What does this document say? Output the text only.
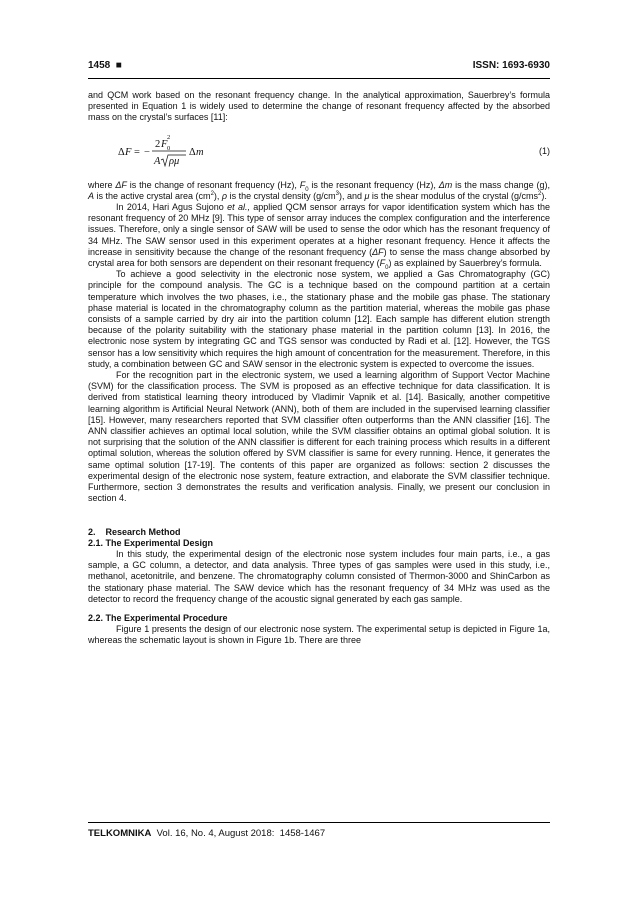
1458  ■	ISSN: 1693-6930

and QCM work based on the resonant frequency change. In the analytical approximation, Sauerbrey’s formula presented in Equation 1 is widely used to determine the change of resonant frequency affected by the absorbed mass on the crystal’s surfaces [11]:

Δ F = −
2 F 0
2
A ρμ
Δ m	(1)

where ΔF is the change of resonant frequency (Hz), $F_0$ is the resonant frequency (Hz), Δm is the mass change (g), A is the active crystal area $(cm^2)$, ρ is the crystal density $(g/cm^3)$, and μ is the shear modulus of the crystal (g/cms$^2$).

In 2014, Hari Agus Sujono et al., applied QCM sensor arrays for vapor identification system which has the resonant frequency of 20 MHz [9]. This type of sensor array induces the complex configuration and the interference issues. Therefore, only a single sensor of SAW will be used to sense the odor which has the resonant frequency of 34 MHz. The SAW sensor used in this experiment operates at a higher resonant frequency. Hence it affects the increase in sensitivity because the change of the resonant frequency (ΔF) to sense the mass change absorbed by crystal area for both sensors are dependent on their resonant frequency $(F_0)$ as explained by Sauerbrey’s formula.

To achieve a good selectivity in the electronic nose system, we applied a Gas Chromatography (GC) principle for the compound analysis. The GC is a technique based on the compound partition at a certain temperature which involves the two phases, i.e., the stationary phase and the mobile gas phase. The stationary phase material is located in the chromatography column as the partition material, whereas the mobile gas phase consists of a sample carried by dry air into the partition column [12]. Each sample has different elution strength because of the polarity suitability with the stationary phase material in the partition column [13]. In 2016, the electronic nose system by integrating GC and TGS sensor was conducted by Radi et al. [12]. However, the TGS sensor has a low sensitivity which requires the high amount of concentration for the measurement. Therefore, in this study, a combination between GC and SAW sensor in the electronic system is expected to overcome the issues.

For the recognition part in the electronic system, we used a learning algorithm of Support Vector Machine (SVM) for the classification process. The SVM is proposed as an effective technique for data classification. It is derived from statistical learning theory introduced by Vladimir Vapnik et al. [14]. Basically, another competitive learning algorithm is Artificial Neural Network (ANN), both of them are included in the supervised learning classifier [15]. However, many researchers reported that SVM classifier often outperforms than the ANN classifier [16]. The ANN classifier achieves an optimal local solution, while the SVM classifier obtains an optimal global solution. It is not surprising that the solution of the ANN classifier is different for each training process which results in a different optimal solution, whereas the solution offered by SVM classifier is same for every running. Hence, it generates the same optimal solution [17-19]. The contents of this paper are organized as follows: section 2 discusses the experimental design of the electronic nose system, feature extraction, and elaborate the SVM classifier technique. Furthermore, section 3 demonstrates the results and verification analysis. Finally, we present our conclusion in section 4.

2.    Research Method

2.1. The Experimental Design

In this study, the experimental design of the electronic nose system includes four main parts, i.e., a gas sample, a GC column, a detector, and data analysis. Three types of gas samples were used in this study, i.e., methanol, acetonitrile, and benzene. The chromatography column consisted of Thermon-3000 and ShinCarbon as the stationary phase material. The SAW device which has the resonant frequency of 34 MHz was used as the detector to record the frequency change of the acoustic signal generated by each gas sample.

2.2. The Experimental Procedure

Figure 1 presents the design of our electronic nose system. The experimental setup is depicted in Figure 1a, whereas the schematic layout is shown in Figure 1b. There are three

TELKOMNIKA  Vol. 16, No. 4, August 2018:  1458-1467
